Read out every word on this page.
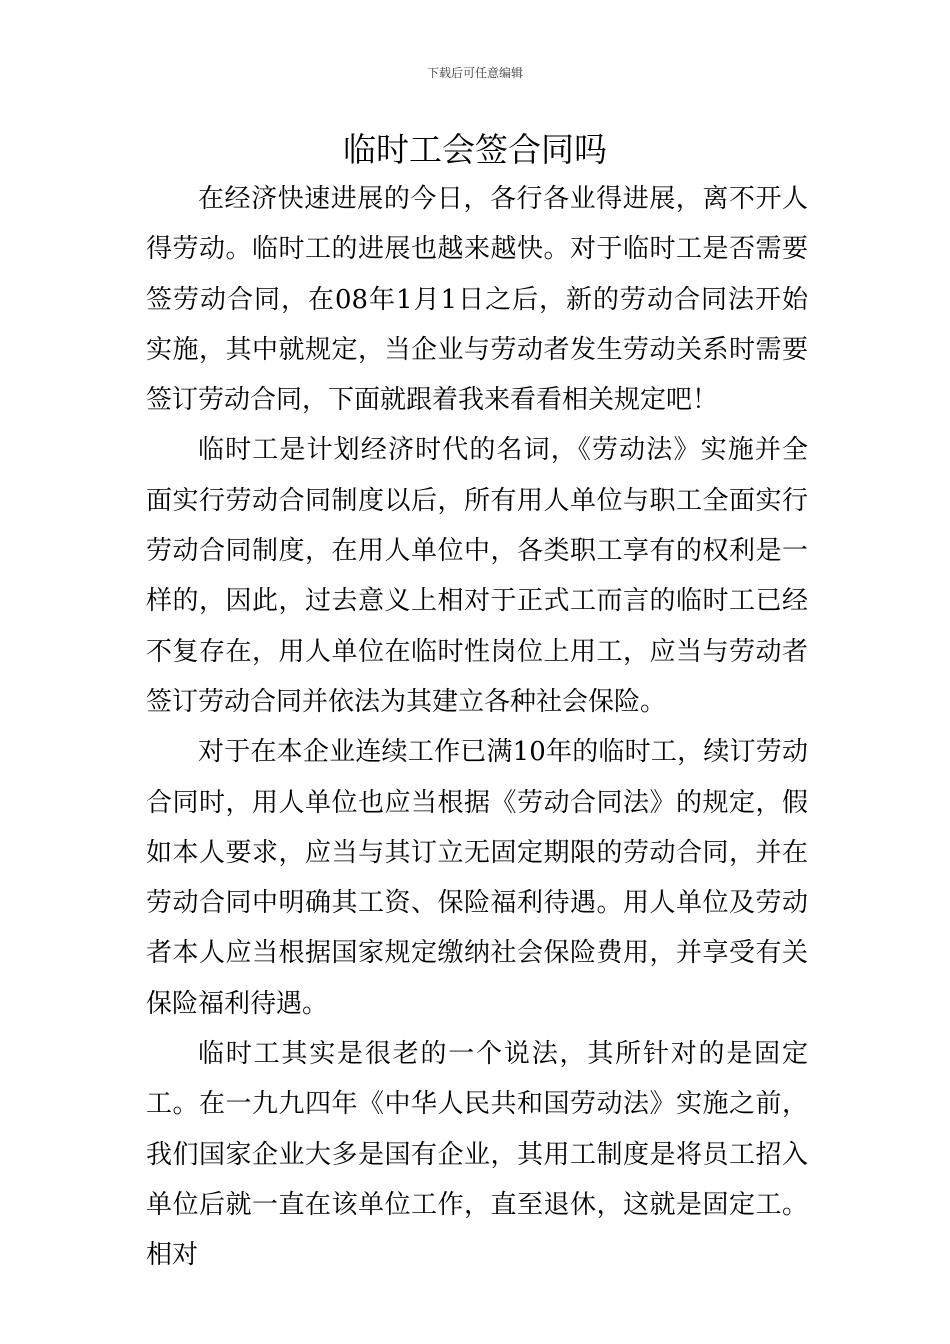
下载后可任意编辑
临时工会签合同吗

在经济快速进展的今日，各行各业得进展，离不开人得劳动。临时工的进展也越来越快。对于临时工是否需要签劳动合同，在08年1月1日之后，新的劳动合同法开始实施，其中就规定，当企业与劳动者发生劳动关系时需要签订劳动合同，下面就跟着我来看看相关规定吧！

临时工是计划经济时代的名词，《劳动法》实施并全面实行劳动合同制度以后，所有用人单位与职工全面实行劳动合同制度，在用人单位中，各类职工享有的权利是一样的，因此，过去意义上相对于正式工而言的临时工已经不复存在，用人单位在临时性岗位上用工，应当与劳动者签订劳动合同并依法为其建立各种社会保险。

对于在本企业连续工作已满10年的临时工，续订劳动合同时，用人单位也应当根据《劳动合同法》的规定，假如本人要求，应当与其订立无固定期限的劳动合同，并在劳动合同中明确其工资、保险福利待遇。用人单位及劳动者本人应当根据国家规定缴纳社会保险费用，并享受有关保险福利待遇。

临时工其实是很老的一个说法，其所针对的是固定工。在一九九四年《中华人民共和国劳动法》实施之前，我们国家企业大多是国有企业，其用工制度是将员工招入单位后就一直在该单位工作，直至退休，这就是固定工。相对
